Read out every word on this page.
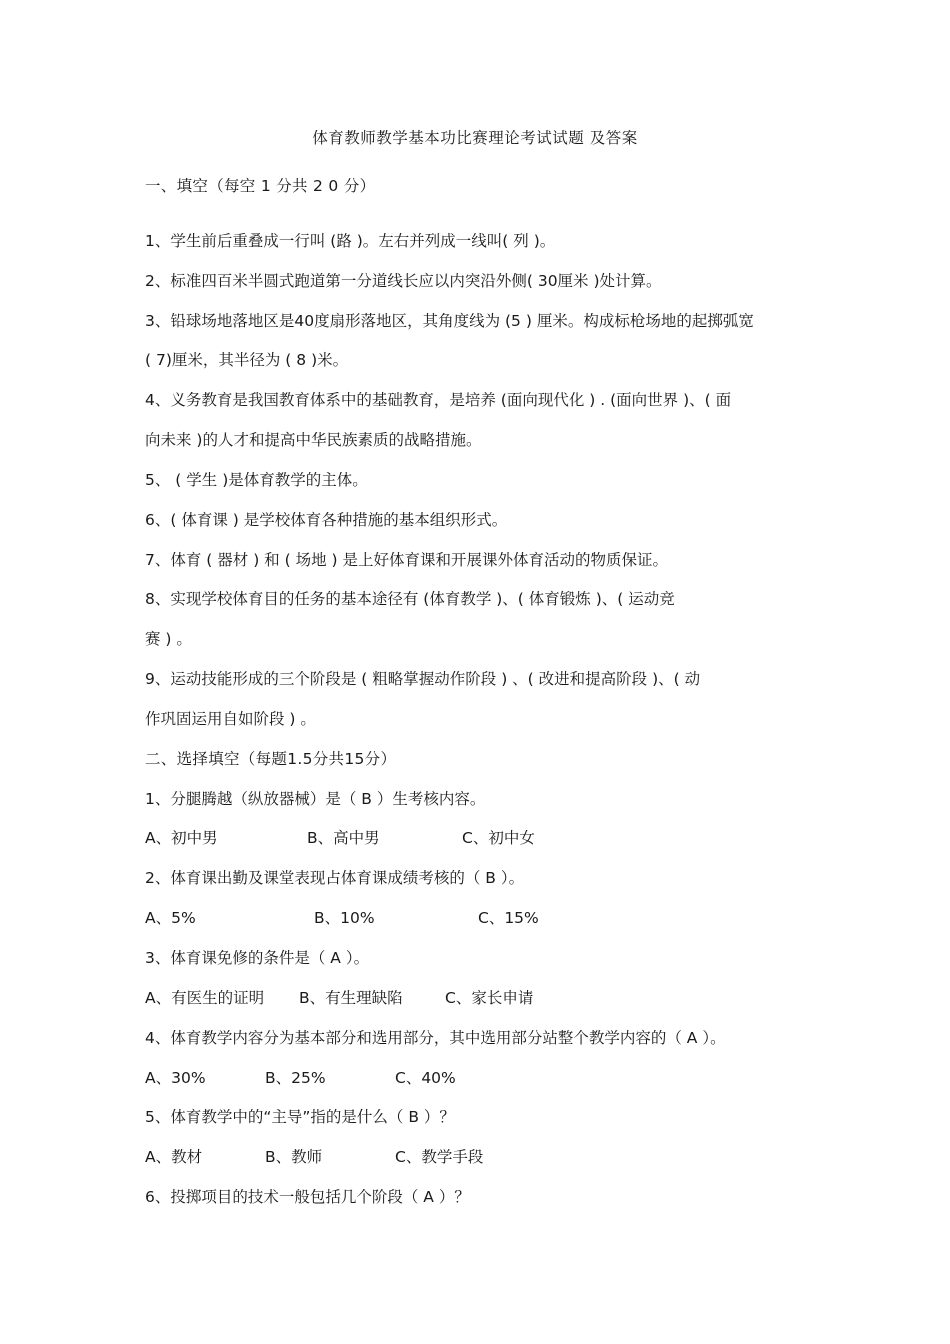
体育教师教学基本功比赛理论考试试题 及答案
一、填空（每空 1 分共 2 0 分）
1、学生前后重叠成一行叫 (路 )。左右并列成一线叫( 列 )。
2、标准四百米半圆式跑道第一分道线长应以内突沿外侧( 30厘米 )处计算。
3、铅球场地落地区是40度扇形落地区，其角度线为 (5 ) 厘米。构成标枪场地的起掷弧宽
( 7)厘米，其半径为 ( 8 )米。
4、义务教育是我国教育体系中的基础教育，是培养 (面向现代化 ) . (面向世界 )、( 面
向未来 )的人才和提高中华民族素质的战略措施。
5、 ( 学生 )是体育教学的主体。
6、( 体育课 ) 是学校体育各种措施的基本组织形式。
7、体育 ( 器材 ) 和 ( 场地 ) 是上好体育课和开展课外体育活动的物质保证。
8、实现学校体育目的任务的基本途径有 (体育教学 )、( 体育锻炼 )、( 运动竞
赛 ) 。
9、运动技能形成的三个阶段是 ( 粗略掌握动作阶段 ) 、( 改进和提高阶段 )、( 动
作巩固运用自如阶段 ) 。
二、选择填空（每题1.5分共15分）
1、分腿腾越（纵放器械）是（ B ）生考核内容。
A、初中男	B、高中男	C、初中女
2、体育课出勤及课堂表现占体育课成绩考核的（ B ）。
A、5%	B、10%	C、15%
3、体育课免修的条件是（ A ）。
A、有医生的证明 B、有生理缺陷	C、家长申请
4、体育教学内容分为基本部分和选用部分，其中选用部分站整个教学内容的（ A ）。
A、30%	B、25%	C、40%
5、体育教学中的“主导”指的是什么（ B ）？
A、教材	B、教师	C、教学手段
6、投掷项目的技术一般包括几个阶段（ A ）？
